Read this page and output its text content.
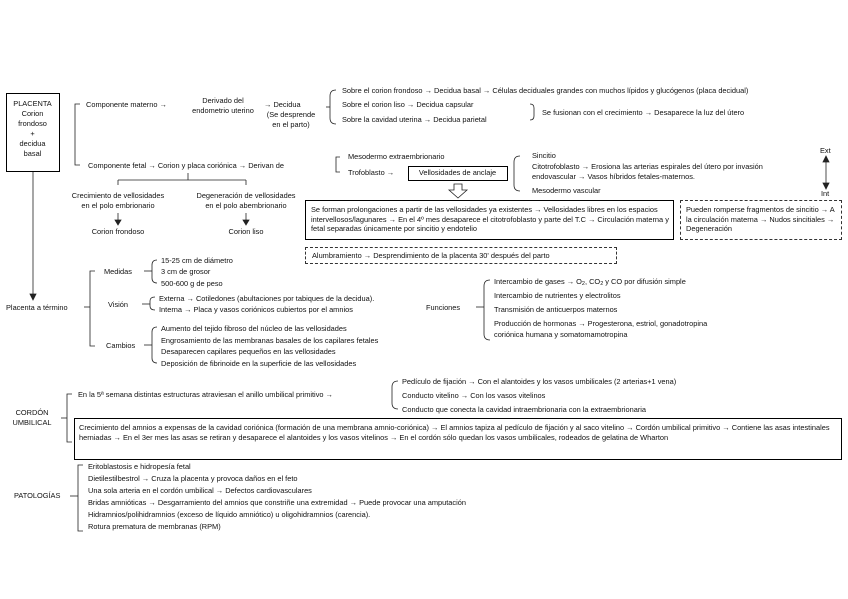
PLACENTA
Corion
frondoso
+
decidua
basal
Componente materno →	Derivado del
endometrio uterino
→ Decidua
(Se desprende
en el parto)
Sobre el corion frondoso → Decidua basal → Células deciduales grandes con muchos lípidos y glucógenos (placa decidual)
Sobre el corion liso → Decidua capsular
Sobre la cavidad uterina → Decidua parietal
Se fusionan con el crecimiento → Desaparece la luz del útero
Componente fetal → Corion y placa coriónica → Derivan de
Mesodermo extraembrionario
Trofoblasto →	Vellosidades de anclaje
Sincitio
Citotrofoblasto → Erosiona las arterias espirales del útero por invasión
endovascular → Vasos híbridos fetales-maternos.
Mesodermo vascular
Ext
Int
Crecimiento de vellosidades
en el polo embrionario
Corion frondoso
Degeneración de vellosidades
en el polo abembrionario
Corion liso
Se forman prolongaciones a partir de las vellosidades ya existentes → Vellosidades libres en los espacios intervellosos/lagunares → En el 4º mes desaparece el citotrofoblasto y parte del T.C → Circulación materna y fetal separadas únicamente por sincitio y endotelio
Pueden romperse fragmentos de sincitio → A la circulación materna → Nudos sincitiales → Degeneración
Alumbramiento → Desprendimiento de la placenta 30' después del parto
Placenta a término
Medidas
15-25 cm de diámetro
3 cm de grosor
500-600 g de peso
Visión
Externa → Cotiledones (abultaciones por tabiques de la decidua).
Interna → Placa y vasos coriónicos cubiertos por el amnios
Cambios
Aumento del tejido fibroso del núcleo de las vellosidades
Engrosamiento de las membranas basales de los capilares fetales
Desaparecen capilares pequeños en las vellosidades
Deposición de fibrinoide en la superficie de las vellosidades
Funciones
Intercambio de gases → $O_2$, $CO_2$ y CO por difusión simple
Intercambio de nutrientes y electrolitos
Transmisión de anticuerpos maternos
Producción de hormonas → Progesterona, estriol, gonadotropina
coriónica humana y somatomamotropina
CORDÓN
UMBILICAL
En la 5ª semana distintas estructuras atraviesan el anillo umbilical primitivo →
Pedículo de fijación → Con el alantoides y los vasos umbilicales (2 arterias+1 vena)
Conducto vitelino → Con los vasos vitelinos
Conducto que conecta la cavidad intraembrionaria con la extraembrionaria
Crecimiento del amnios a expensas de la cavidad coriónica (formación de una membrana amnio-coriónica) → El amnios tapiza al pedículo de fijación y al saco vitelino → Cordón umbilical primitivo → Contiene las asas intestinales herniadas → En el 3er mes las asas se retiran y desaparece el alantoides y los vasos vitelinos → En el cordón sólo quedan los vasos umbilicales, rodeados de gelatina de Wharton
PATOLOGÍAS
Eritoblastosis e hidropesía fetal
Dietilestilbestrol → Cruza la placenta y provoca daños en el feto
Una sola arteria en el cordón umbilical → Defectos cardiovasculares
Bridas amnióticas → Desgarramiento del amnios que constriñe una extremidad → Puede provocar una amputación
Hidramnios/polihidramnios (exceso de líquido amniótico) u oligohidramnios (carencia).
Rotura prematura de membranas (RPM)
